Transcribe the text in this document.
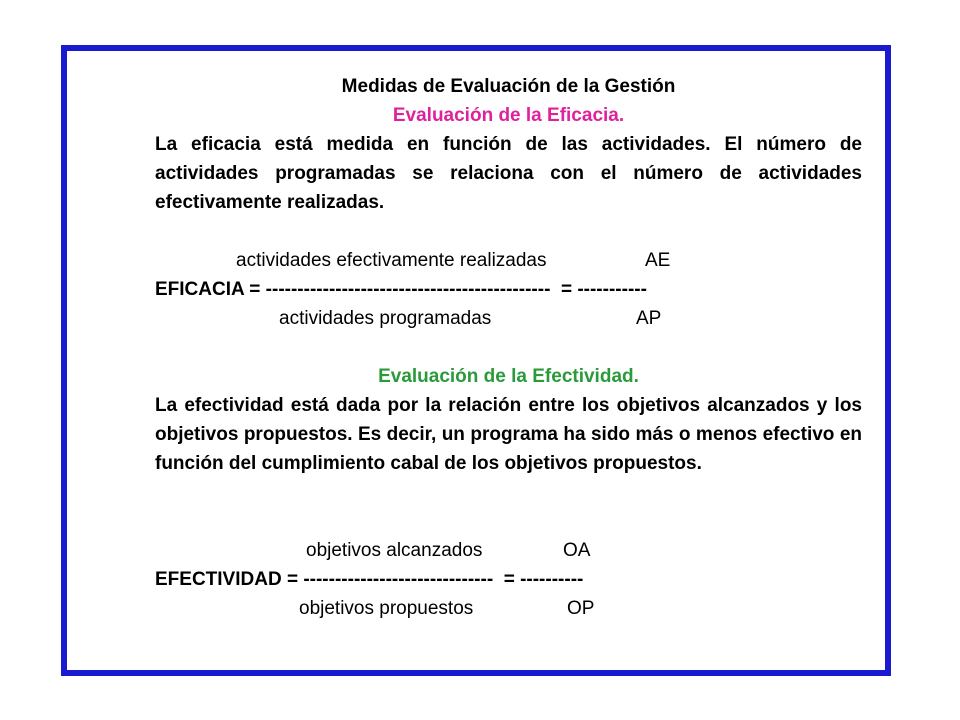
Medidas de Evaluación de la Gestión
Evaluación de la Eficacia.
La eficacia está medida en función de las actividades. El número de actividades programadas se relaciona con el número de actividades efectivamente realizadas.
actividades efectivamente realizadas	AE
EFICACIA = ---------------------------------------------  = -----------
actividades programadas	AP
Evaluación de la Efectividad.
La efectividad está dada por la relación entre los objetivos alcanzados y los objetivos propuestos. Es decir, un programa ha sido más o menos efectivo en función del cumplimiento cabal de los objetivos propuestos.
objetivos alcanzados	OA
EFECTIVIDAD = ------------------------------  = ----------
objetivos propuestos	OP
